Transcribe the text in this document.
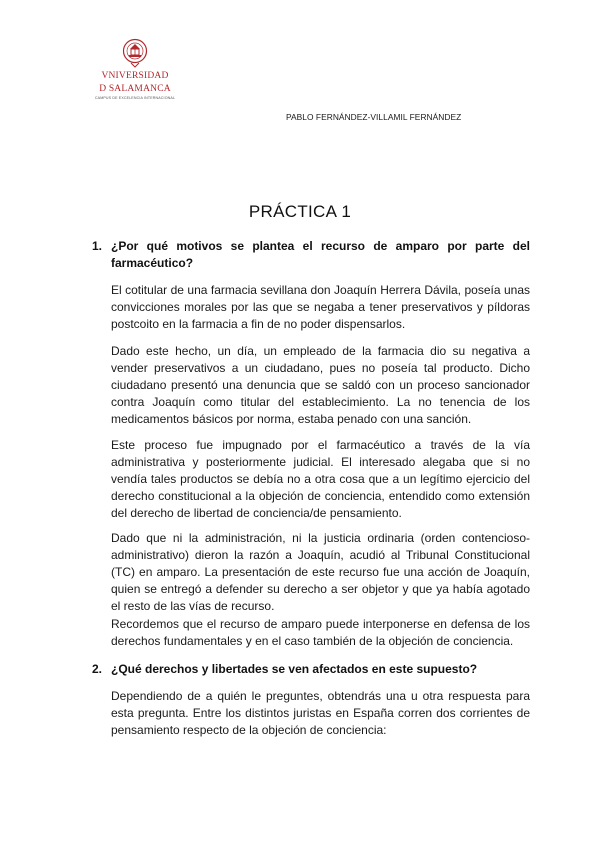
VNIVERSIDAD
D SALAMANCA
CAMPUS DE EXCELENCIA INTERNACIONAL
PABLO FERNÁNDEZ-VILLAMIL FERNÁNDEZ
PRÁCTICA 1
1. ¿Por qué motivos se plantea el recurso de amparo por parte del farmacéutico?

El cotitular de una farmacia sevillana don Joaquín Herrera Dávila, poseía unas convicciones morales por las que se negaba a tener preservativos y píldoras postcoito en la farmacia a fin de no poder dispensarlos.

Dado este hecho, un día, un empleado de la farmacia dio su negativa a vender preservativos a un ciudadano, pues no poseía tal producto. Dicho ciudadano presentó una denuncia que se saldó con un proceso sancionador contra Joaquín como titular del establecimiento. La no tenencia de los medicamentos básicos por norma, estaba penado con una sanción.

Este proceso fue impugnado por el farmacéutico a través de la vía administrativa y posteriormente judicial. El interesado alegaba que si no vendía tales productos se debía no a otra cosa que a un legítimo ejercicio del derecho constitucional a la objeción de conciencia, entendido como extensión del derecho de libertad de conciencia/de pensamiento.

Dado que ni la administración, ni la justicia ordinaria (orden contencioso-administrativo) dieron la razón a Joaquín, acudió al Tribunal Constitucional (TC) en amparo. La presentación de este recurso fue una acción de Joaquín, quien se entregó a defender su derecho a ser objetor y que ya había agotado el resto de las vías de recurso.

Recordemos que el recurso de amparo puede interponerse en defensa de los derechos fundamentales y en el caso también de la objeción de conciencia.

2. ¿Qué derechos y libertades se ven afectados en este supuesto?

Dependiendo de a quién le preguntes, obtendrás una u otra respuesta para esta pregunta. Entre los distintos juristas en España corren dos corrientes de pensamiento respecto de la objeción de conciencia:
